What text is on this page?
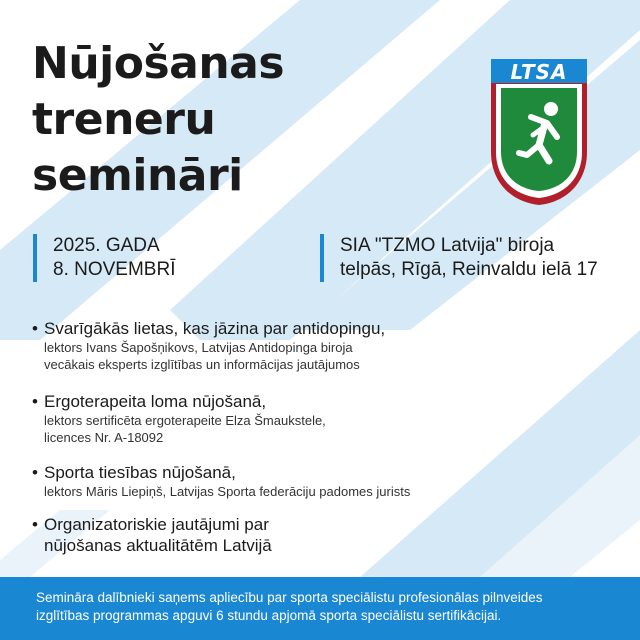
Nūjošanas
treneru
semināri
LTSA
2025. GADA
8. NOVEMBRĪ
SIA "TZMO Latvija" biroja
telpās, Rīgā, Reinvaldu ielā 17
• Svarīgākās lietas, kas jāzina par antidopingu,
lektors Ivans Šapošņikovs, Latvijas Antidopinga biroja
vecākais eksperts izglītības un informācijas jautājumos
• Ergoterapeita loma nūjošanā,
lektors sertificēta ergoterapeite Elza Šmaukstele,
licences Nr. A-18092
• Sporta tiesības nūjošanā,
lektors Māris Liepiņš, Latvijas Sporta federāciju padomes jurists
• Organizatoriskie jautājumi par
nūjošanas aktualitātēm Latvijā
Semināra dalībnieki saņems apliecību par sporta speciālistu profesionālas pilnveides
izglītības programmas apguvi 6 stundu apjomā sporta speciālistu sertifikācijai.
